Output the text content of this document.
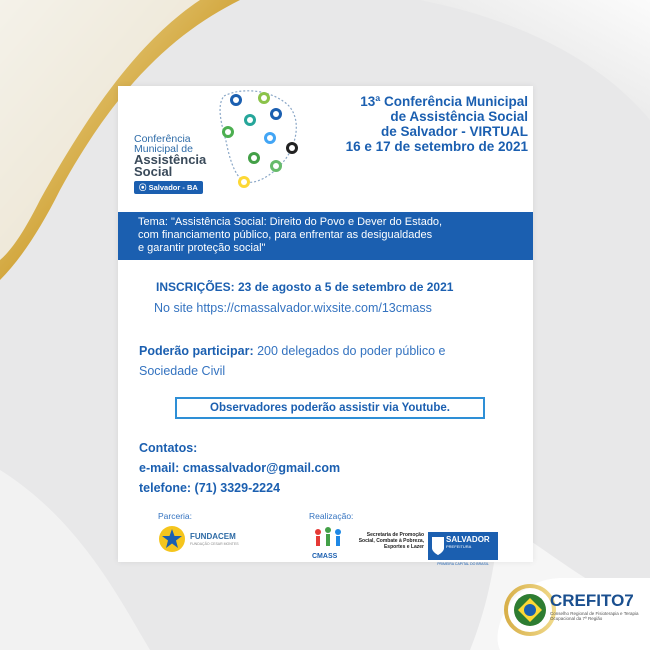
Conferência
Municipal de
Assistência
Social
⦿ Salvador - BA
13ª Conferência Municipal
de Assistência Social
de Salvador - VIRTUAL
16 e 17 de setembro de 2021
Tema: "Assistência Social: Direito do Povo e Dever do Estado,
com financiamento público, para enfrentar as desigualdades
e garantir proteção social"
INSCRIÇÕES: 23 de agosto a 5 de setembro de 2021
No site https://cmassalvador.wixsite.com/13cmass
Poderão participar: 200 delegados do poder público e
Sociedade Civil
Observadores poderão assistir via Youtube.
Contatos:
e-mail: cmassalvador@gmail.com
telefone: (71) 3329-2224
Parceria:	Realização:
FUNDACEM
FUNDAÇÃO CESAR MONTES
CMASS
Secretaria de Promoção Social, Combate à Pobreza, Esportes e Lazer
SALVADOR
PREFEITURA
PRIMEIRA CAPITAL DO BRASIL
CREFITO7
Conselho Regional de Fisioterapia e Terapia Ocupacional da 7ª Região
